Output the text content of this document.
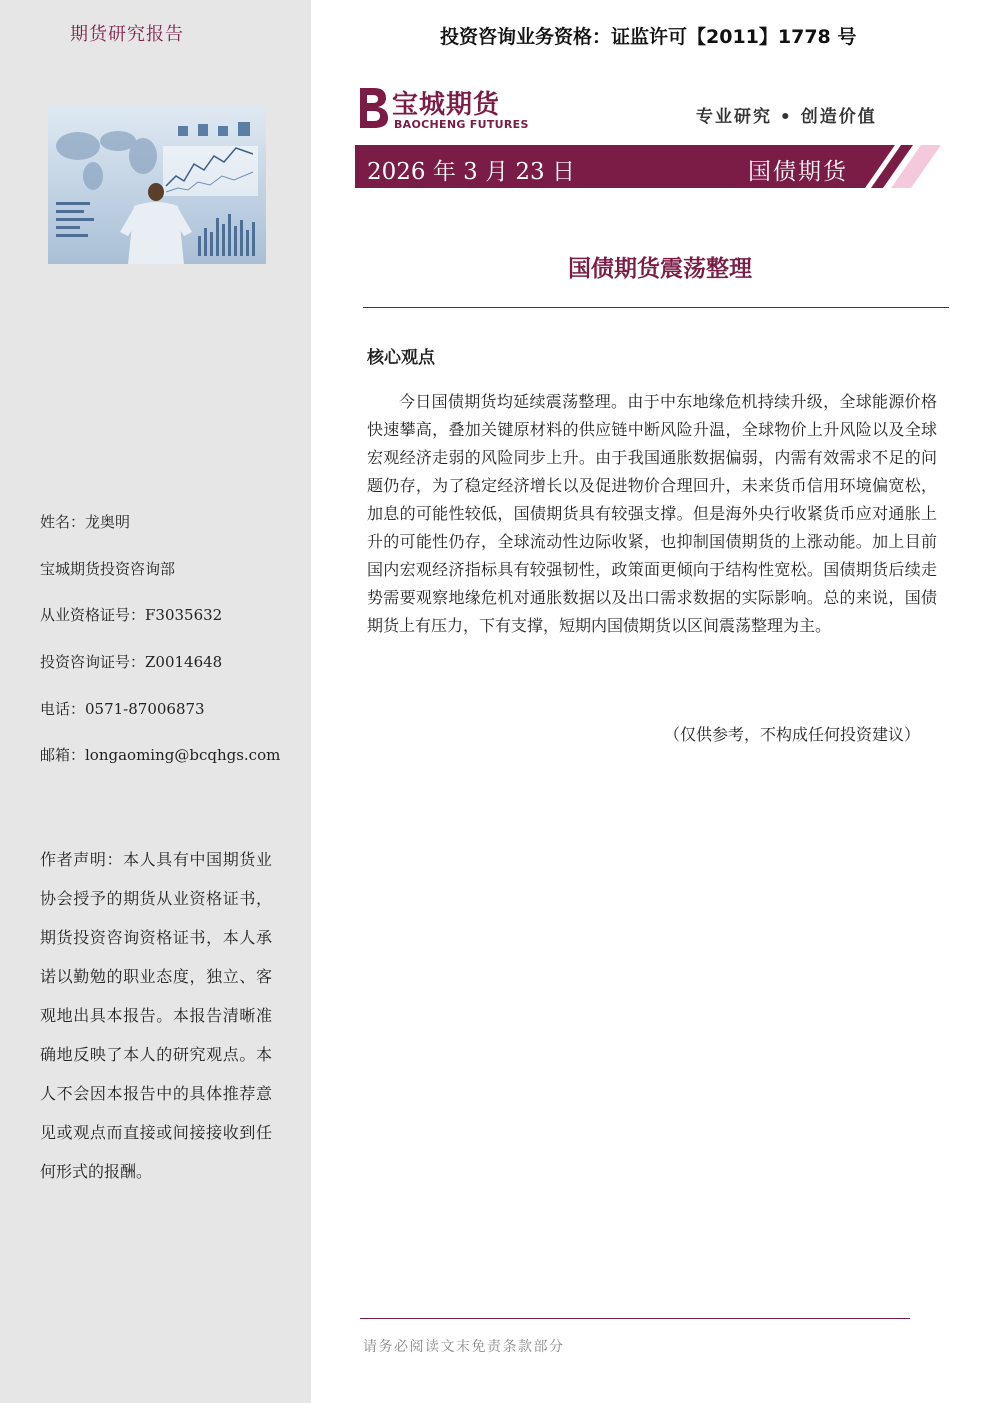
期货研究报告
姓名：龙奥明
宝城期货投资咨询部
从业资格证号：F3035632
投资咨询证号：Z0014648
电话：0571-87006873
邮箱：longaoming@bcqhgs.com
作者声明：本人具有中国期货业协会授予的期货从业资格证书，期货投资咨询资格证书，本人承诺以勤勉的职业态度，独立、客观地出具本报告。本报告清晰准确地反映了本人的研究观点。本人不会因本报告中的具体推荐意见或观点而直接或间接接收到任何形式的报酬。
投资咨询业务资格：证监许可【2011】1778 号
宝城期货
BAOCHENG FUTURES	专业研究 • 创造价值
2026 年 3 月 23 日	国债期货
国债期货震荡整理
核心观点
今日国债期货均延续震荡整理。由于中东地缘危机持续升级，全球能源价格快速攀高，叠加关键原材料的供应链中断风险升温，全球物价上升风险以及全球宏观经济走弱的风险同步上升。由于我国通胀数据偏弱，内需有效需求不足的问题仍存，为了稳定经济增长以及促进物价合理回升，未来货币信用环境偏宽松，加息的可能性较低，国债期货具有较强支撑。但是海外央行收紧货币应对通胀上升的可能性仍存，全球流动性边际收紧，也抑制国债期货的上涨动能。加上目前国内宏观经济指标具有较强韧性，政策面更倾向于结构性宽松。国债期货后续走势需要观察地缘危机对通胀数据以及出口需求数据的实际影响。总的来说，国债期货上有压力，下有支撑，短期内国债期货以区间震荡整理为主。
（仅供参考，不构成任何投资建议）
请务必阅读文末免责条款部分
